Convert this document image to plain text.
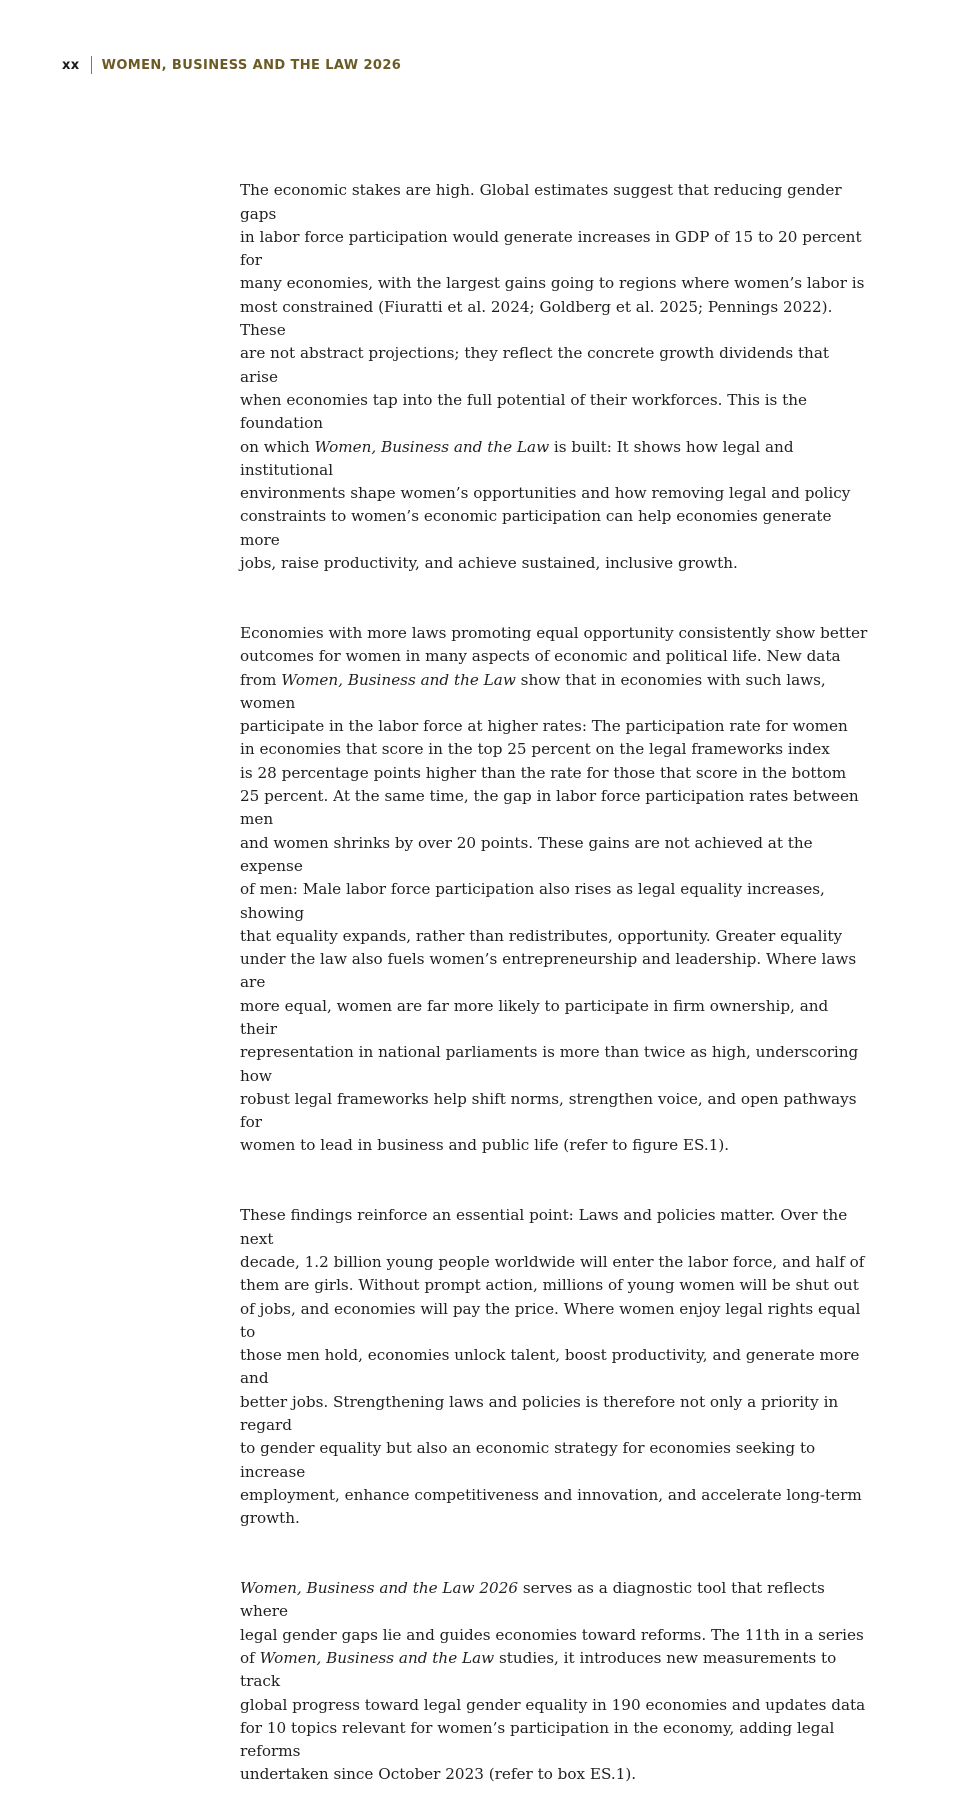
xx WOMEN, BUSINESS AND THE LAW 2026

The economic stakes are high. Global estimates suggest that reducing gender gaps
in labor force participation would generate increases in GDP of 15 to 20 percent for
many economies, with the largest gains going to regions where women’s labor is
most constrained (Fiuratti et al. 2024; Goldberg et al. 2025; Pennings 2022). These
are not abstract projections; they reflect the concrete growth dividends that arise
when economies tap into the full potential of their workforces. This is the foundation
on which Women, Business and the Law is built: It shows how legal and institutional
environments shape women’s opportunities and how removing legal and policy
constraints to women’s economic participation can help economies generate more
jobs, raise productivity, and achieve sustained, inclusive growth.

Economies with more laws promoting equal opportunity consistently show better
outcomes for women in many aspects of economic and political life. New data
from Women, Business and the Law show that in economies with such laws, women
participate in the labor force at higher rates: The participation rate for women
in economies that score in the top 25 percent on the legal frameworks index
is 28 percentage points higher than the rate for those that score in the bottom
25 percent. At the same time, the gap in labor force participation rates between men
and women shrinks by over 20 points. These gains are not achieved at the expense
of men: Male labor force participation also rises as legal equality increases, showing
that equality expands, rather than redistributes, opportunity. Greater equality
under the law also fuels women’s entrepreneurship and leadership. Where laws are
more equal, women are far more likely to participate in firm ownership, and their
representation in national parliaments is more than twice as high, underscoring how
robust legal frameworks help shift norms, strengthen voice, and open pathways for
women to lead in business and public life (refer to figure ES.1).

These findings reinforce an essential point: Laws and policies matter. Over the next
decade, 1.2 billion young people worldwide will enter the labor force, and half of
them are girls. Without prompt action, millions of young women will be shut out
of jobs, and economies will pay the price. Where women enjoy legal rights equal to
those men hold, economies unlock talent, boost productivity, and generate more and
better jobs. Strengthening laws and policies is therefore not only a priority in regard
to gender equality but also an economic strategy for economies seeking to increase
employment, enhance competitiveness and innovation, and accelerate long-term
growth.

Women, Business and the Law 2026 serves as a diagnostic tool that reflects where
legal gender gaps lie and guides economies toward reforms. The 11th in a series
of Women, Business and the Law studies, it introduces new measurements to track
global progress toward legal gender equality in 190 economies and updates data
for 10 topics relevant for women’s participation in the economy, adding legal reforms
undertaken since October 2023 (refer to box ES.1).
